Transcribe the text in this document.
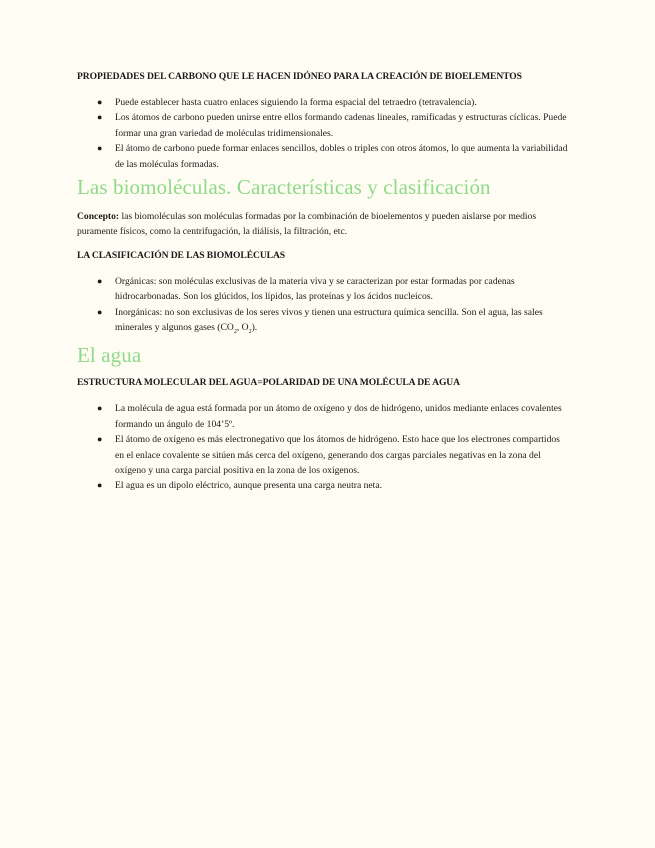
PROPIEDADES DEL CARBONO QUE LE HACEN IDÓNEO PARA LA CREACIÓN DE BIOELEMENTOS
● Puede establecer hasta cuatro enlaces siguiendo la forma espacial del tetraedro (tetravalencia).
● Los átomos de carbono pueden unirse entre ellos formando cadenas lineales, ramificadas y estructuras cíclicas. Puede formar una gran variedad de moléculas tridimensionales.
● El átomo de carbono puede formar enlaces sencillos, dobles o triples con otros átomos, lo que aumenta la variabilidad de las moléculas formadas.
Las biomoléculas. Características y clasificación

Concepto: las biomoléculas son moléculas formadas por la combinación de bioelementos y pueden aislarse por medios puramente físicos, como la centrifugación, la diálisis, la filtración, etc.

LA CLASIFICACIÓN DE LAS BIOMOLÉCULAS
● Orgánicas: son moléculas exclusivas de la materia viva y se caracterizan por estar formadas por cadenas hidrocarbonadas. Son los glúcidos, los lípidos, las proteínas y los ácidos nucleicos.
● Inorgánicas: no son exclusivas de los seres vivos y tienen una estructura química sencilla. Son el agua, las sales minerales y algunos gases ($CO_2$, $O_2$).
El agua
ESTRUCTURA MOLECULAR DEL AGUA=POLARIDAD DE UNA MOLÉCULA DE AGUA
● La molécula de agua está formada por un átomo de oxígeno y dos de hidrógeno, unidos mediante enlaces covalentes formando un ángulo de 104’5º.
● El átomo de oxígeno es más electronegativo que los átomos de hidrógeno. Esto hace que los electrones compartidos en el enlace covalente se sitúen más cerca del oxígeno, generando dos cargas parciales negativas en la zona del oxígeno y una carga parcial positiva en la zona de los oxígenos.
● El agua es un dipolo eléctrico, aunque presenta una carga neutra neta.
